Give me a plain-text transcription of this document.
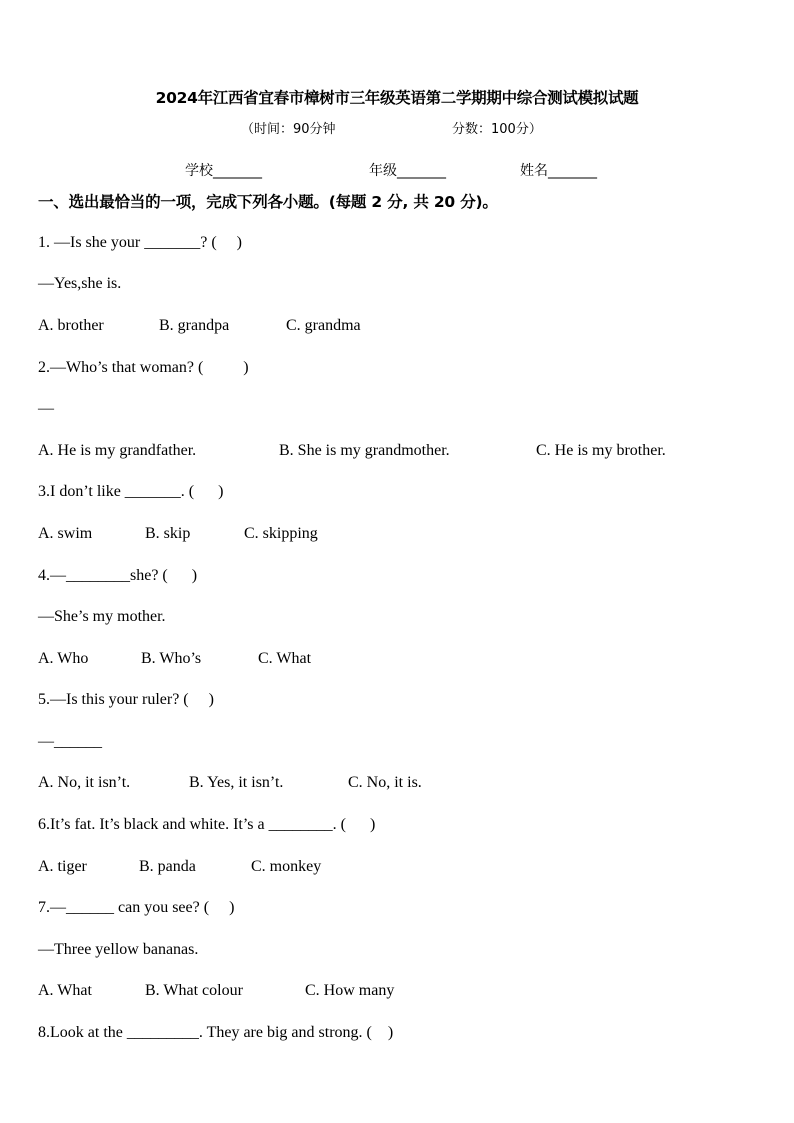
2024年江西省宜春市樟树市三年级英语第二学期期中综合测试模拟试题
（时间：90分钟	分数：100分）
学校_______	年级_______	姓名_______
一、选出最恰当的一项，完成下列各小题。(每题 2 分, 共 20 分)。
1. —Is she your _______? (     )
—Yes,she is.
A. brother	B. grandpa	C. grandma
2.—Who’s that woman? (          )
—
A. He is my grandfather.	B. She is my grandmother.	C. He is my brother.
3.I don’t like _______. (      )
A. swim	B. skip	C. skipping
4.—________she? (      )
—She’s my mother.
A. Who	B. Who’s	C. What
5.—Is this your ruler? (     )
—______
A. No, it isn’t.	B. Yes, it isn’t.	C. No, it is.
6.It’s fat. It’s black and white. It’s a ________. (      )
A. tiger	B. panda	C. monkey
7.—______ can you see? (     )
—Three yellow bananas.
A. What	B. What colour	C. How many
8.Look at the _________. They are big and strong. (    )
